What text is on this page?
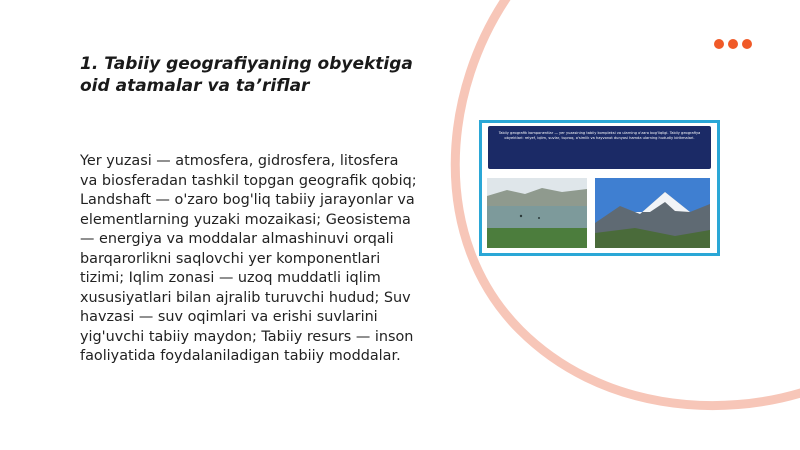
1. Tabiiy geografiyaning obyektiga oid atamalar va ta’riflar

Yer yuzasi — atmosfera, gidrosfera, litosfera va biosferadan tashkil topgan geografik qobiq; Landshaft — o'zaro bog'liq tabiiy jarayonlar va elementlarning yuzaki mozaikasi; Geosistema — energiya va moddalar almashinuvi orqali barqarorlikni saqlovchi yer komponentlari tizimi; Iqlim zonasi — uzoq muddatli iqlim xususiyatlari bilan ajralib turuvchi hudud; Suv havzasi — suv oqimlari va erishi suvlarini yig'uvchi tabiiy maydon; Tabiiy resurs — inson faoliyatida foydalaniladigan tabiiy moddalar.

Tabiiy geografik komponentlar — yer yuzasining tabiiy kompleksi va ularning o'zaro bog'liqligi. Tabiiy geografiya obyektlari: relyef, iqlim, suvlar, tuproq, o'simlik va hayvonot dunyosi hamda ularning hududiy birikmalari.
